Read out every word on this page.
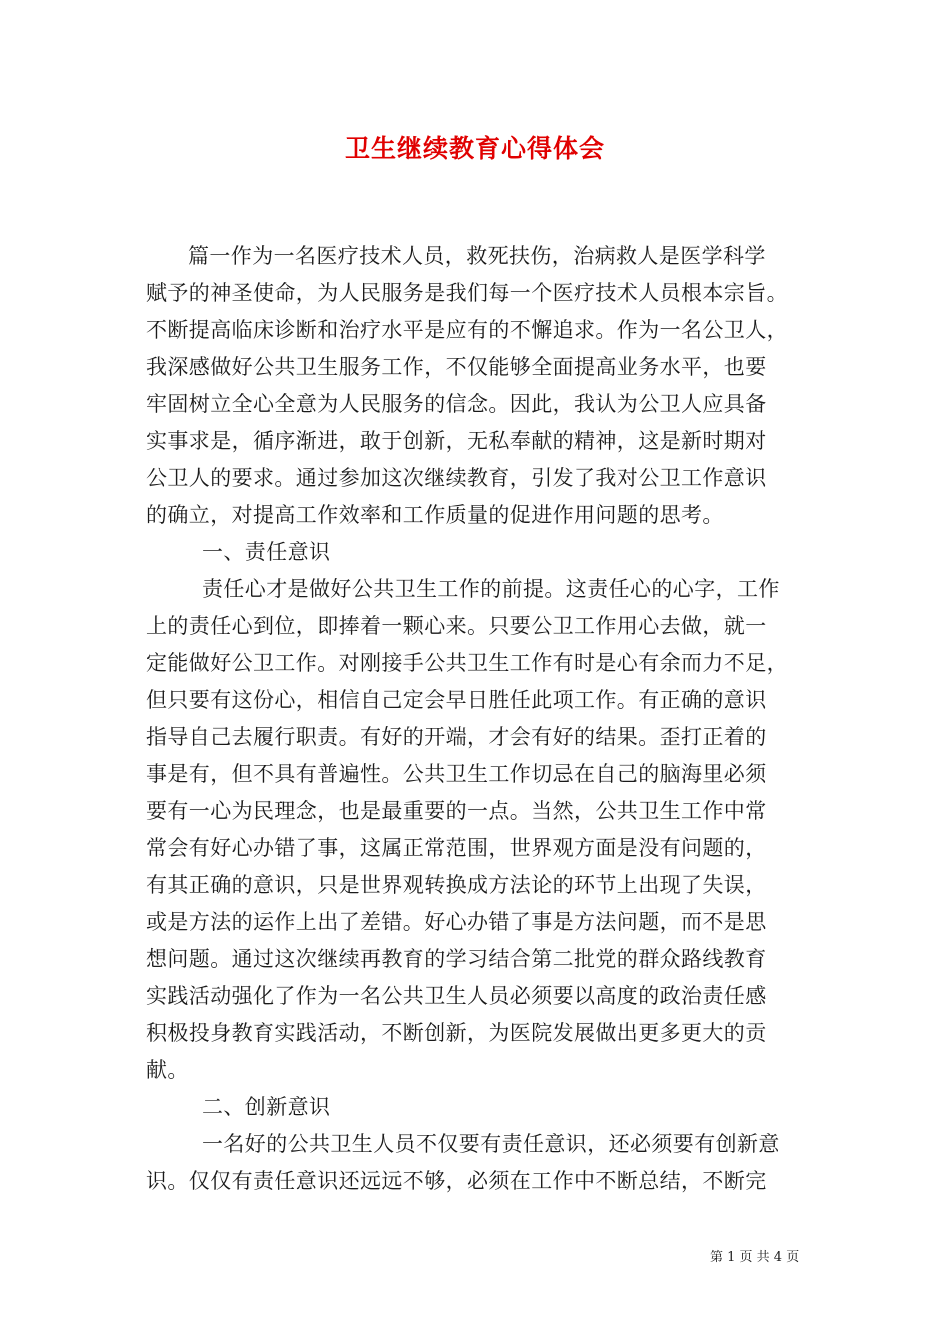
卫生继续教育心得体会
篇一作为一名医疗技术人员，救死扶伤，治病救人是医学科学
赋予的神圣使命，为人民服务是我们每一个医疗技术人员根本宗旨。
不断提高临床诊断和治疗水平是应有的不懈追求。作为一名公卫人，
我深感做好公共卫生服务工作，不仅能够全面提高业务水平，也要
牢固树立全心全意为人民服务的信念。因此，我认为公卫人应具备
实事求是，循序渐进，敢于创新，无私奉献的精神，这是新时期对
公卫人的要求。通过参加这次继续教育，引发了我对公卫工作意识
的确立，对提高工作效率和工作质量的促进作用问题的思考。
一、责任意识
责任心才是做好公共卫生工作的前提。这责任心的心字，工作
上的责任心到位，即捧着一颗心来。只要公卫工作用心去做，就一
定能做好公卫工作。对刚接手公共卫生工作有时是心有余而力不足，
但只要有这份心，相信自己定会早日胜任此项工作。有正确的意识
指导自己去履行职责。有好的开端，才会有好的结果。歪打正着的
事是有，但不具有普遍性。公共卫生工作切忌在自己的脑海里必须
要有一心为民理念，也是最重要的一点。当然，公共卫生工作中常
常会有好心办错了事，这属正常范围，世界观方面是没有问题的，
有其正确的意识，只是世界观转换成方法论的环节上出现了失误，
或是方法的运作上出了差错。好心办错了事是方法问题，而不是思
想问题。通过这次继续再教育的学习结合第二批党的群众路线教育
实践活动强化了作为一名公共卫生人员必须要以高度的政治责任感
积极投身教育实践活动，不断创新，为医院发展做出更多更大的贡
献。
二、创新意识
一名好的公共卫生人员不仅要有责任意识，还必须要有创新意
识。仅仅有责任意识还远远不够，必须在工作中不断总结，不断完
第 1 页 共 4 页
